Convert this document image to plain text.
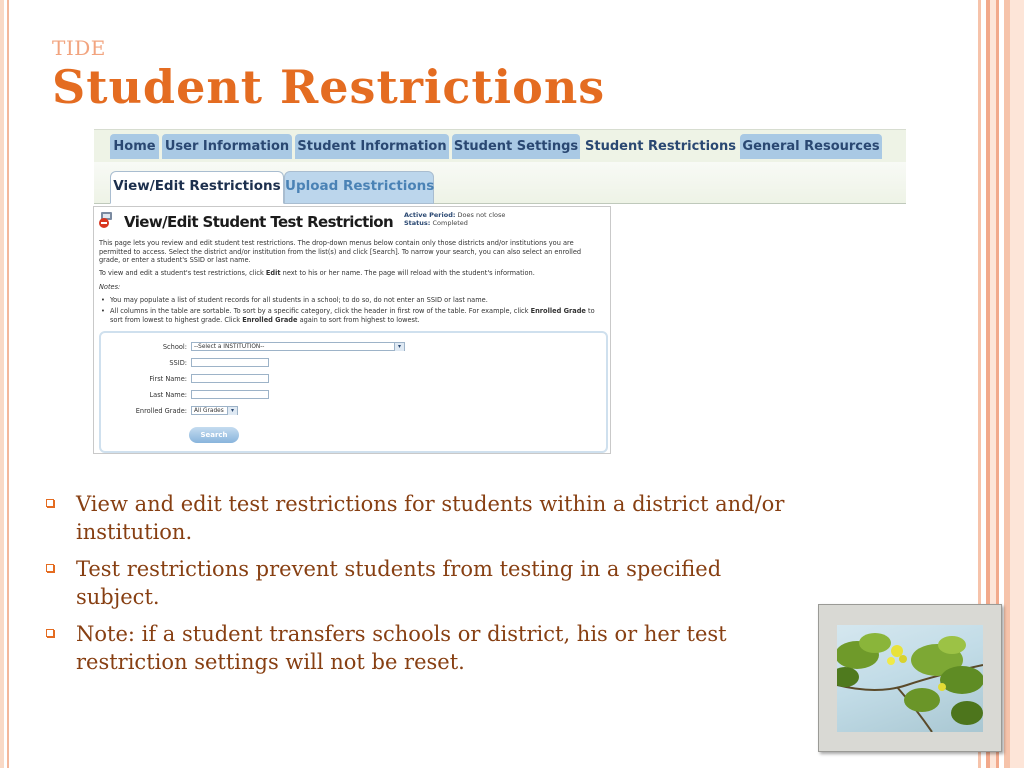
TIDE
Student Restrictions
Home User Information Student Information Student Settings Student Restrictions General Resources
View/Edit Restrictions Upload Restrictions
View/Edit Student Test Restriction Active Period: Does not close
Status: Completed
This page lets you review and edit student test restrictions. The drop-down menus below contain only those districts and/or institutions you are permitted to access. Select the district and/or institution from the list(s) and click [Search]. To narrow your search, you can also select an enrolled grade, or enter a student's SSID or last name.
To view and edit a student's test restrictions, click Edit next to his or her name. The page will reload with the student's information.
Notes:
• You may populate a list of student records for all students in a school; to do so, do not enter an SSID or last name.
• All columns in the table are sortable. To sort by a specific category, click the header in first row of the table. For example, click Enrolled Grade to sort from lowest to highest grade. Click Enrolled Grade again to sort from highest to lowest.
School:	--Select a INSTITUTION--	▾
SSID:
First Name:
Last Name:
Enrolled Grade:	All Grades	▾
Search
View and edit test restrictions for students within a district and/or institution.
Test restrictions prevent students from testing in a specified subject.
Note: if a student transfers schools or district, his or her test restriction settings will not be reset.
